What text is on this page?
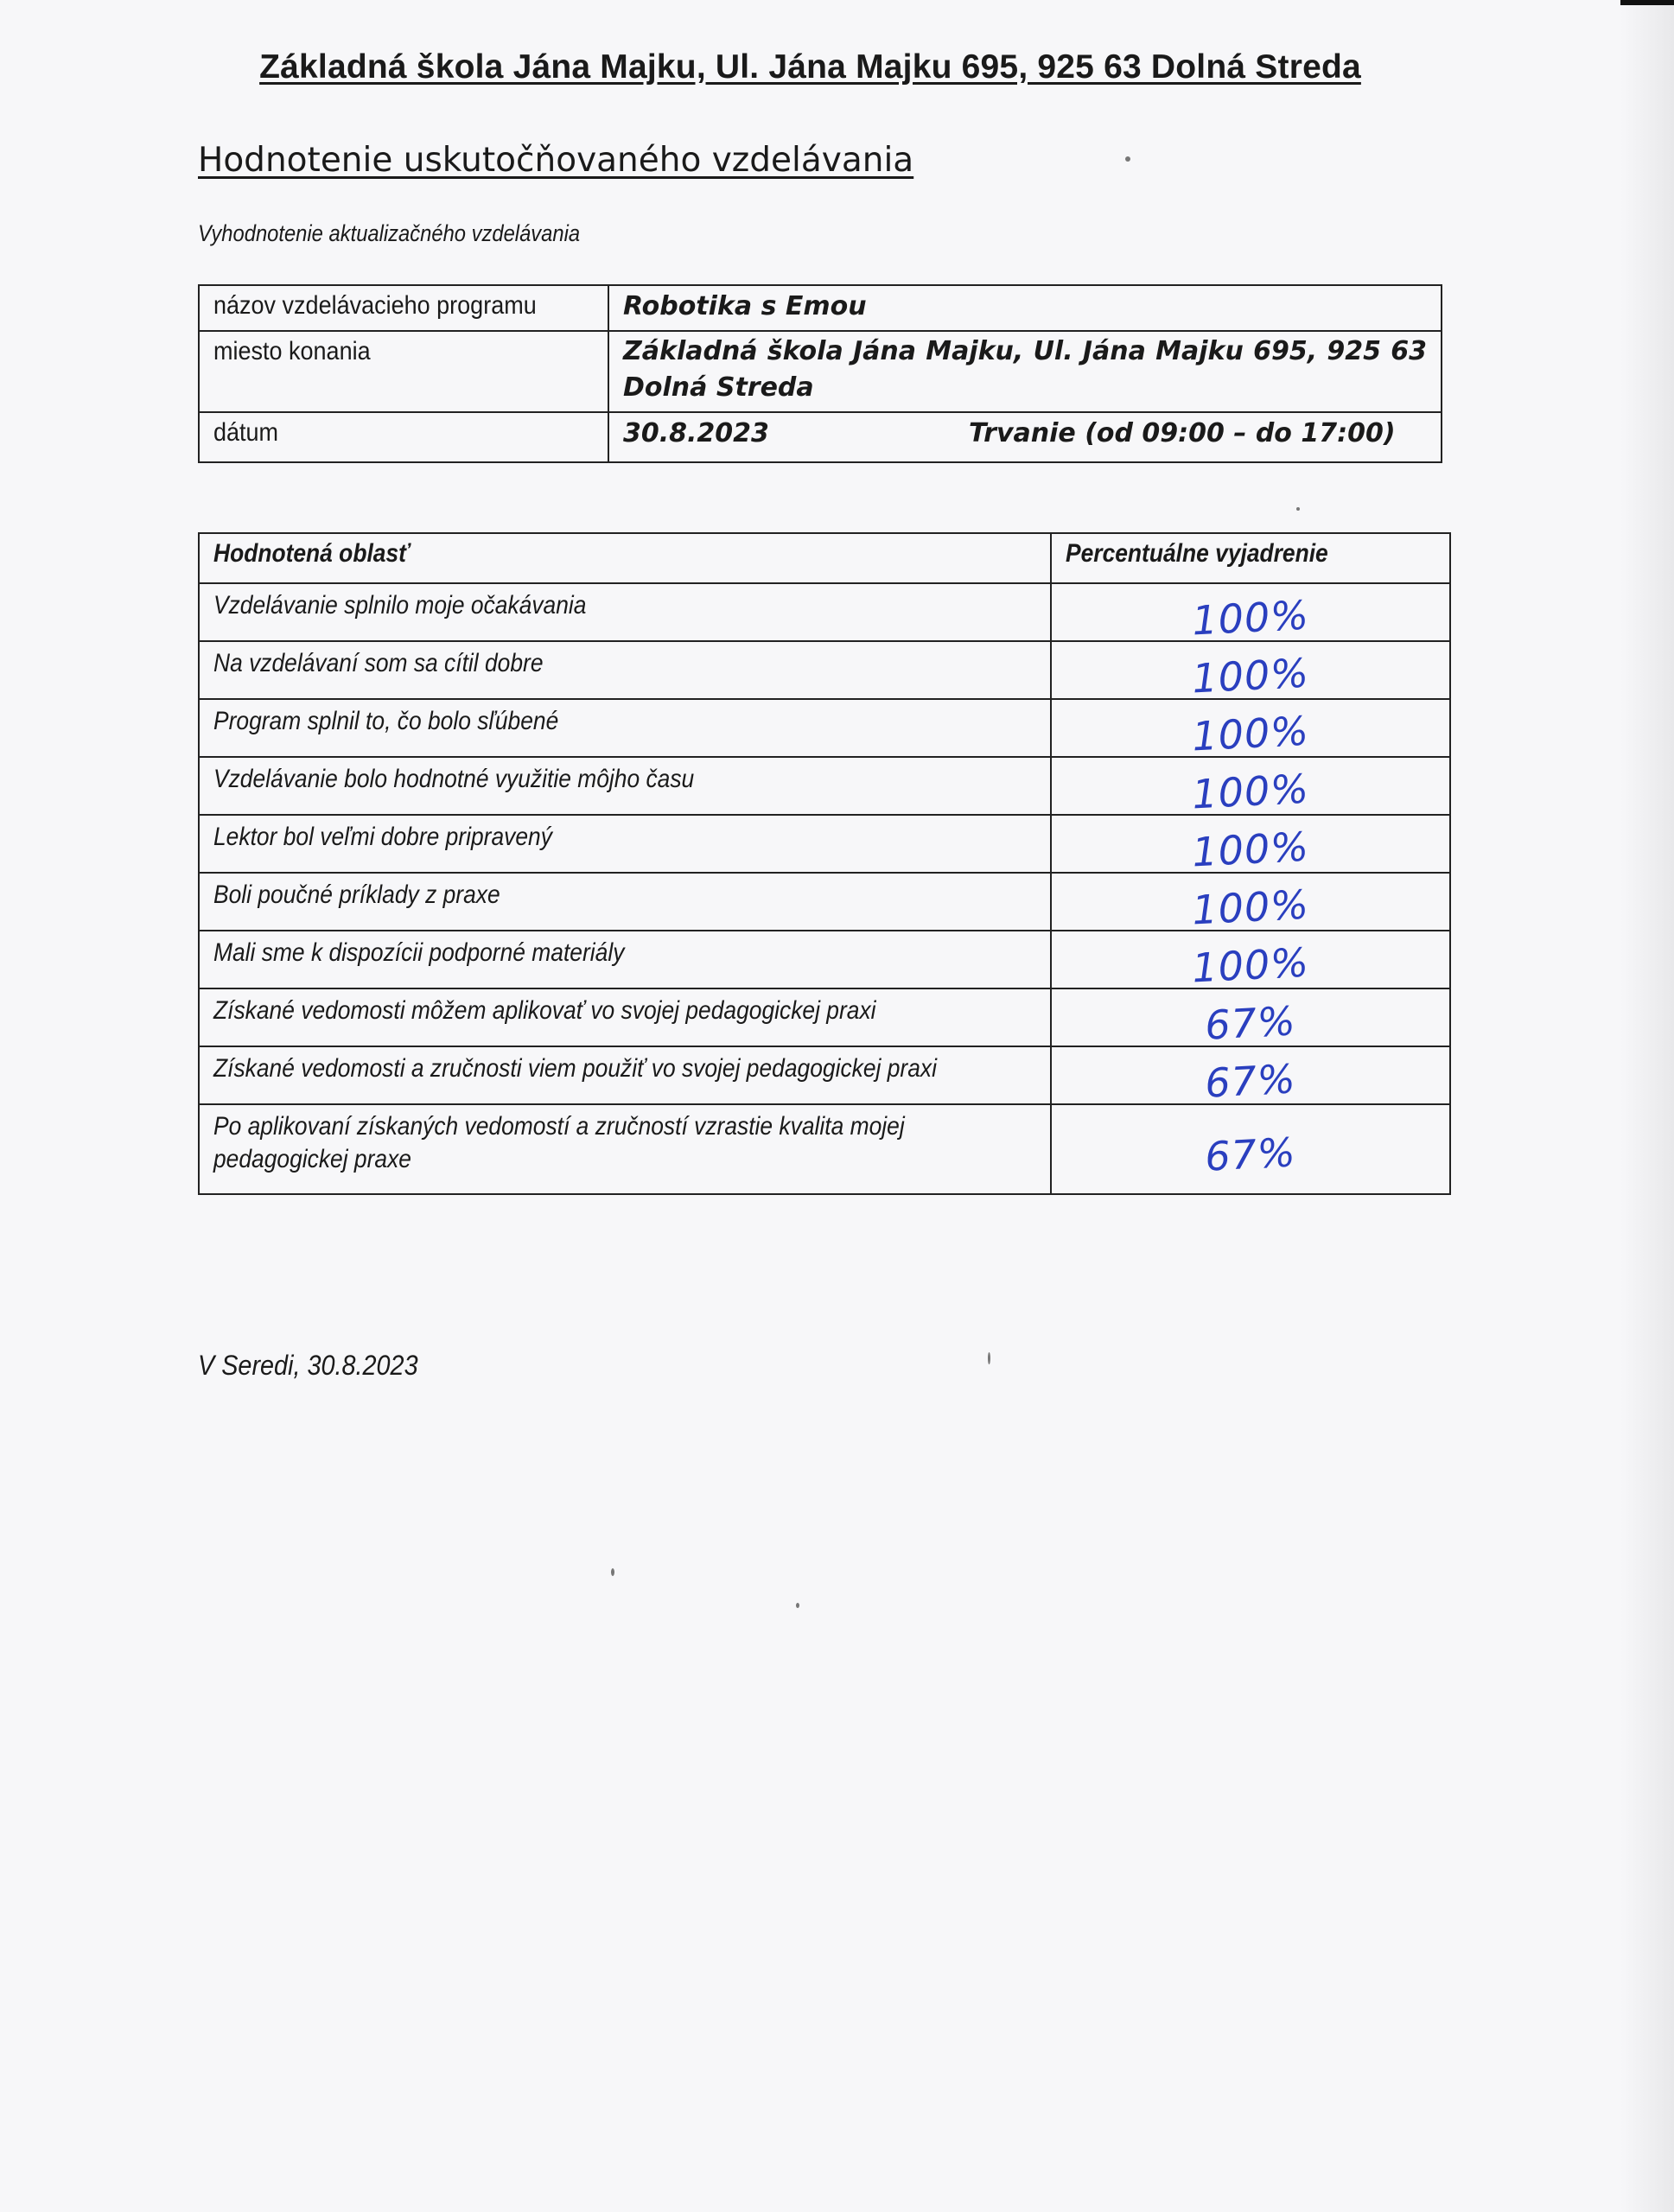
Základná škola Jána Majku, Ul. Jána Majku 695, 925 63 Dolná Streda
Hodnotenie uskutočňovaného vzdelávania
Vyhodnotenie aktualizačného vzdelávania
názov vzdelávacieho programu	Robotika s Emou
miesto konania	Základná škola Jána Majku, Ul. Jána Majku 695, 925 63 Dolná Streda

dátum	30.8.2023 Trvanie (od 09:00 – do 17:00)
Hodnotená oblasť	Percentuálne vyjadrenie
Vzdelávanie splnilo moje očakávania	100%
Na vzdelávaní som sa cítil dobre	100%
Program splnil to, čo bolo sľúbené	100%
Vzdelávanie bolo hodnotné využitie môjho času	100%
Lektor bol veľmi dobre pripravený	100%
Boli poučné príklady z praxe	100%
Mali sme k dispozícii podporné materiály	100%
Získané vedomosti môžem aplikovať vo svojej pedagogickej praxi	67%
Získané vedomosti a zručnosti viem použiť vo svojej pedagogickej praxi	67%
Po aplikovaní získaných vedomostí a zručností vzrastie kvalita mojej pedagogickej praxe	67%
V Seredi, 30.8.2023
